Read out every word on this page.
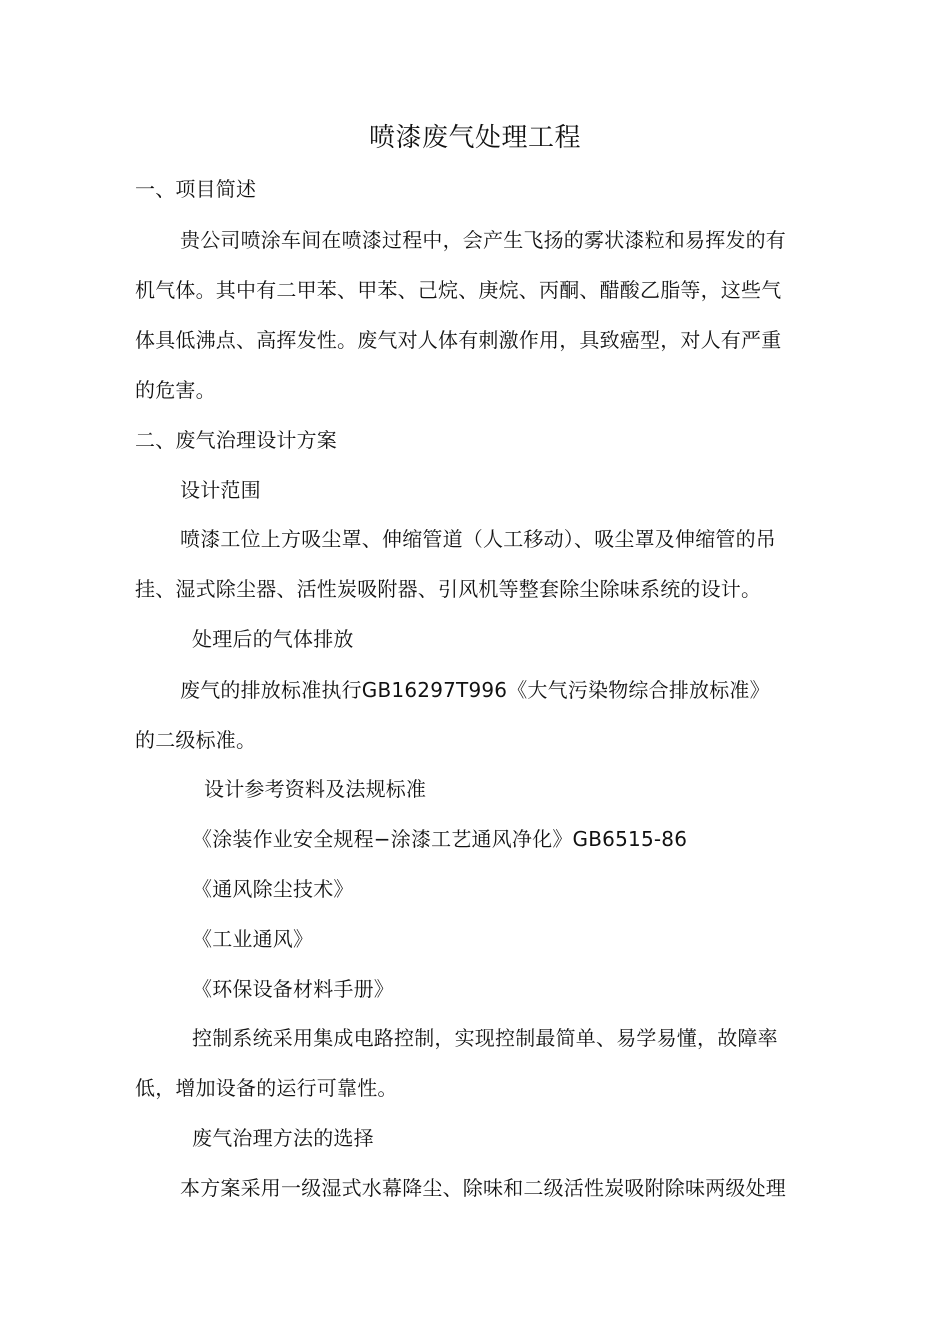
喷漆废气处理工程

一、项目简述

贵公司喷涂车间在喷漆过程中，会产生飞扬的雾状漆粒和易挥发的有

机气体。其中有二甲苯、甲苯、己烷、庚烷、丙酮、醋酸乙脂等，这些气

体具低沸点、高挥发性。废气对人体有刺激作用，具致癌型，对人有严重

的危害。

二、废气治理设计方案

设计范围

喷漆工位上方吸尘罩、伸缩管道（人工移动）、吸尘罩及伸缩管的吊

挂、湿式除尘器、活性炭吸附器、引风机等整套除尘除味系统的设计。

处理后的气体排放

废气的排放标准执行GB16297T996《大气污染物综合排放标准》

的二级标准。

设计参考资料及法规标准

《涂装作业安全规程−涂漆工艺通风净化》GB6515-86

《通风除尘技术》

《工业通风》

《环保设备材料手册》

控制系统采用集成电路控制，实现控制最简单、易学易懂，故障率

低，增加设备的运行可靠性。

废气治理方法的选择

本方案采用一级湿式水幕降尘、除味和二级活性炭吸附除味两级处理
